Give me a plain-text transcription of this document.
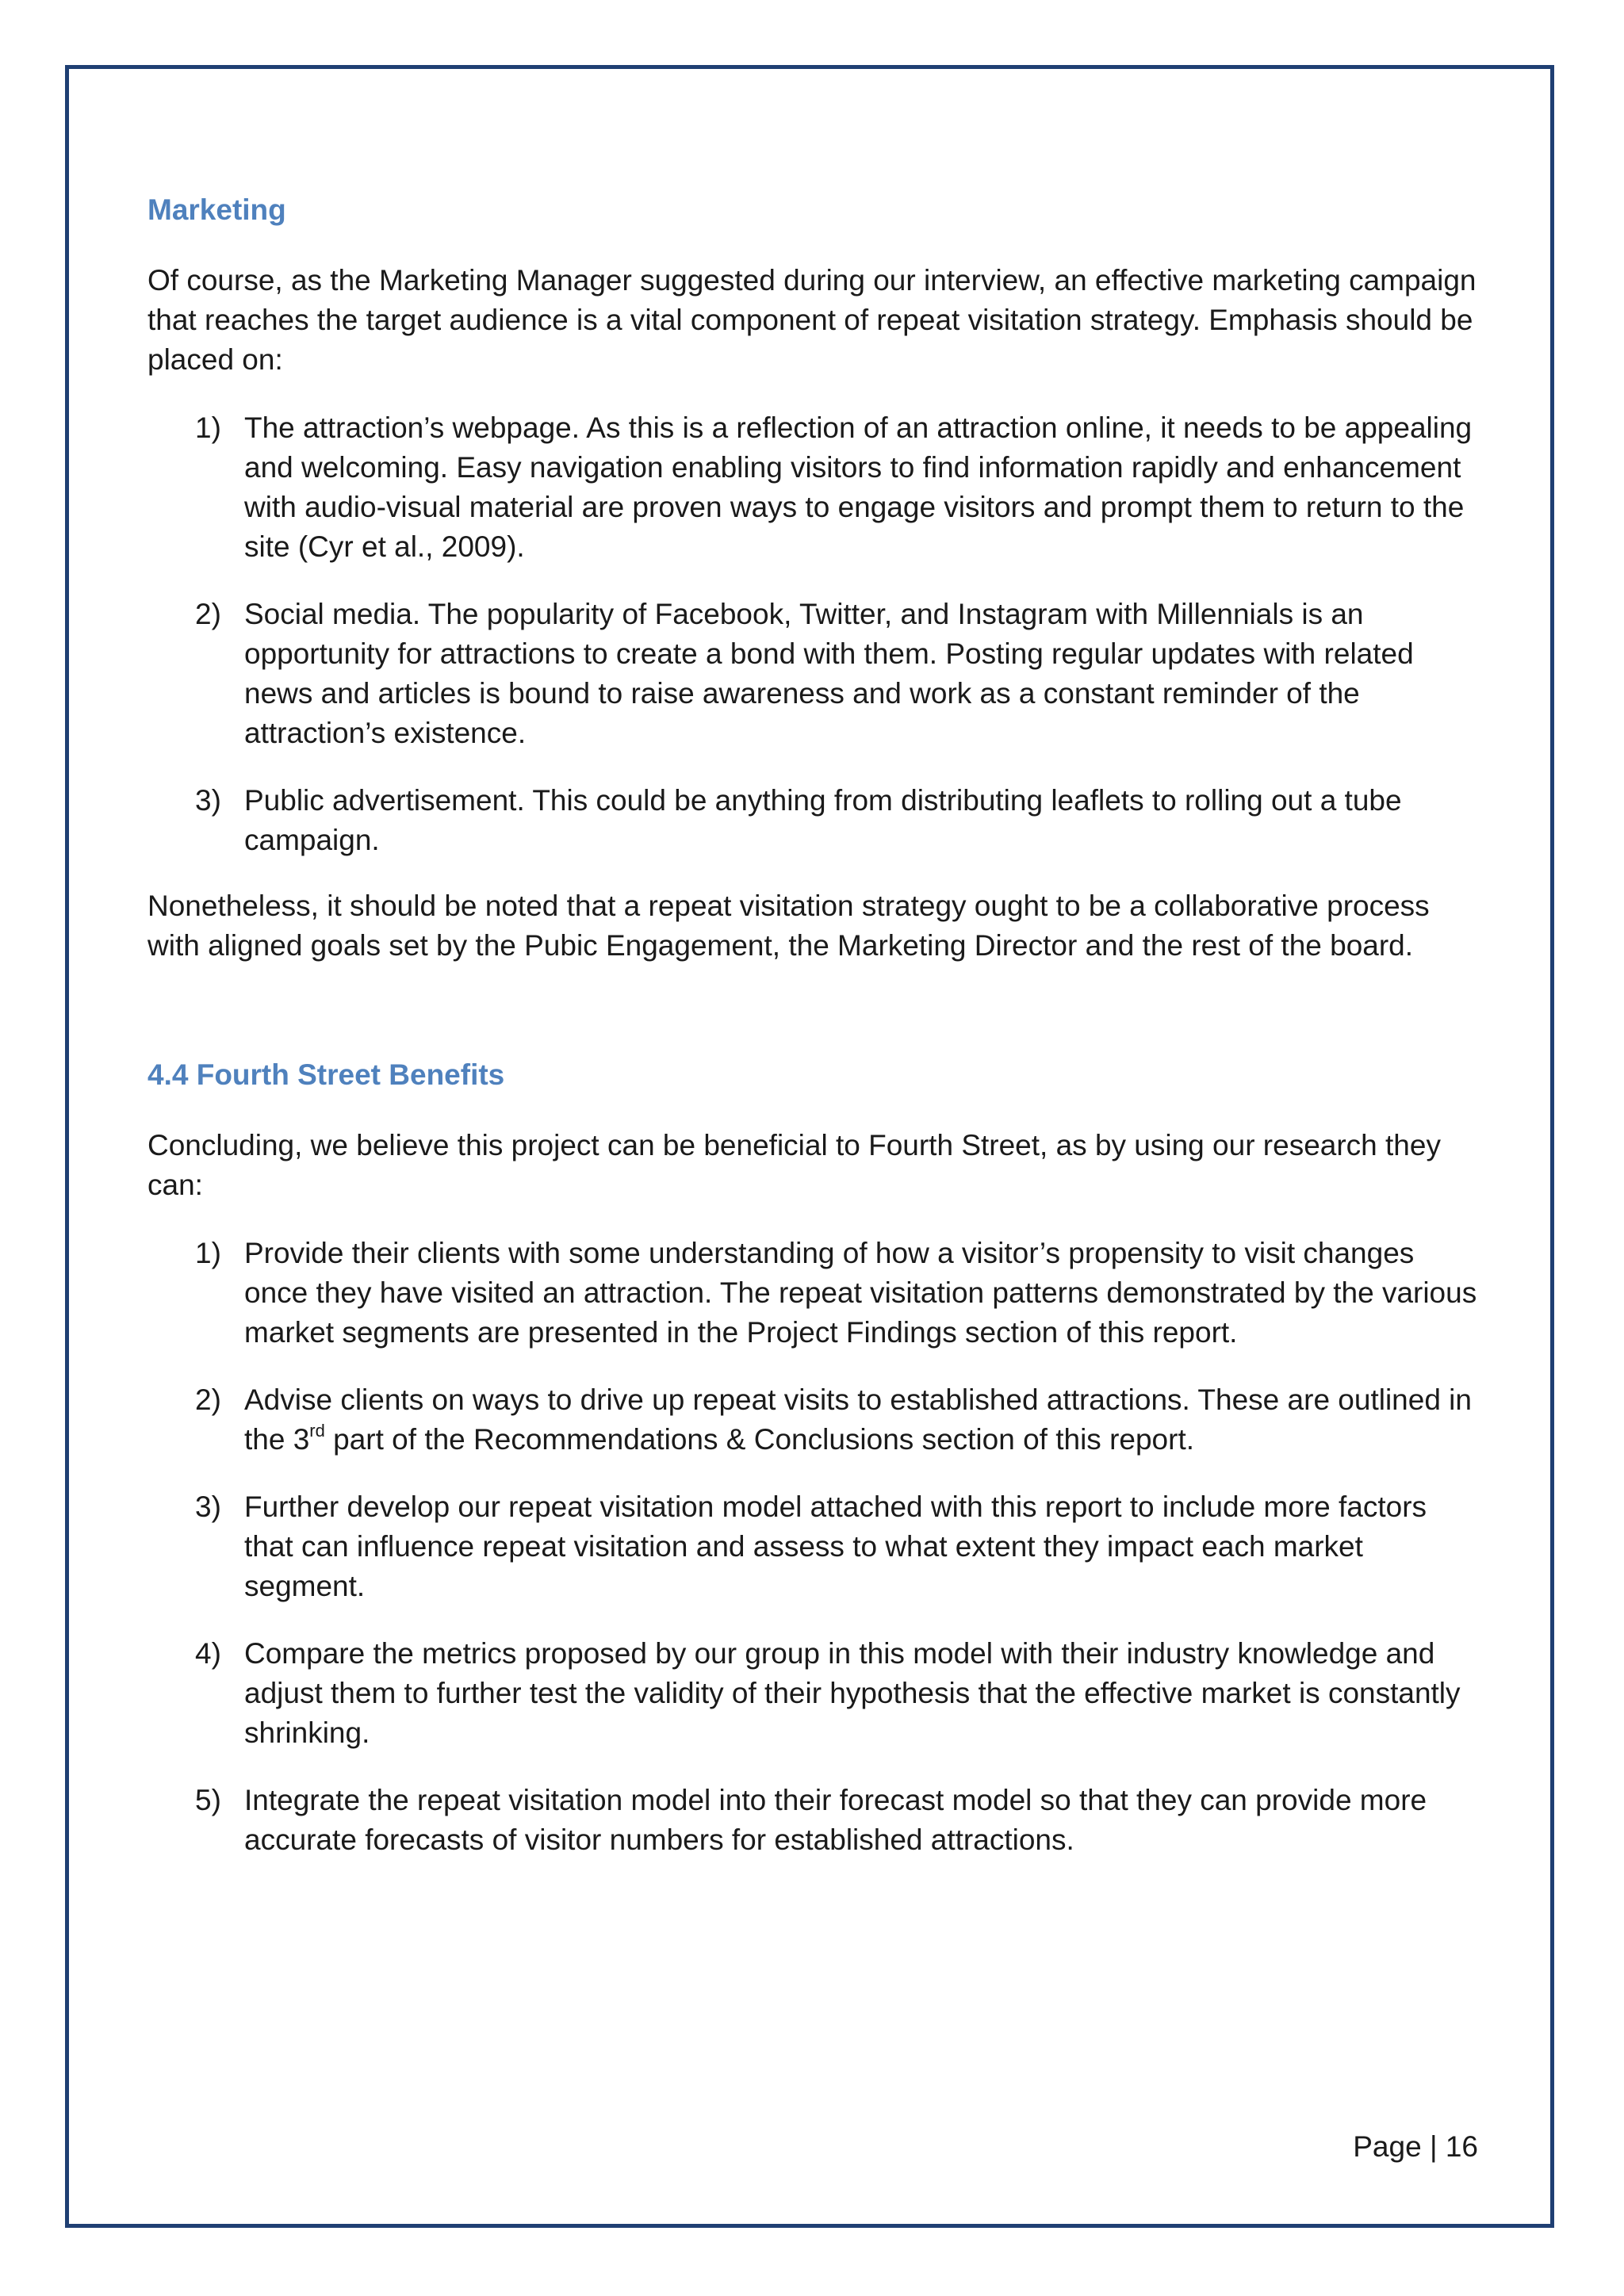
Marketing

Of course, as the Marketing Manager suggested during our interview, an effective marketing campaign that reaches the target audience is a vital component of repeat visitation strategy. Emphasis should be placed on:

1) The attraction’s webpage. As this is a reflection of an attraction online, it needs to be appealing and welcoming. Easy navigation enabling visitors to find information rapidly and enhancement with audio-visual material are proven ways to engage visitors and prompt them to return to the site (Cyr et al., 2009).
2) Social media. The popularity of Facebook, Twitter, and Instagram with Millennials is an opportunity for attractions to create a bond with them. Posting regular updates with related news and articles is bound to raise awareness and work as a constant reminder of the attraction’s existence.
3) Public advertisement. This could be anything from distributing leaflets to rolling out a tube campaign.

Nonetheless, it should be noted that a repeat visitation strategy ought to be a collaborative process with aligned goals set by the Pubic Engagement, the Marketing Director and the rest of the board.

4.4 Fourth Street Benefits

Concluding, we believe this project can be beneficial to Fourth Street, as by using our research they can:

1) Provide their clients with some understanding of how a visitor’s propensity to visit changes once they have visited an attraction. The repeat visitation patterns demonstrated by the various market segments are presented in the Project Findings section of this report.
2) Advise clients on ways to drive up repeat visits to established attractions. These are outlined in the 3rd part of the Recommendations & Conclusions section of this report.
3) Further develop our repeat visitation model attached with this report to include more factors that can influence repeat visitation and assess to what extent they impact each market segment.
4) Compare the metrics proposed by our group in this model with their industry knowledge and adjust them to further test the validity of their hypothesis that the effective market is constantly shrinking.
5) Integrate the repeat visitation model into their forecast model so that they can provide more accurate forecasts of visitor numbers for established attractions.
Page | 16
